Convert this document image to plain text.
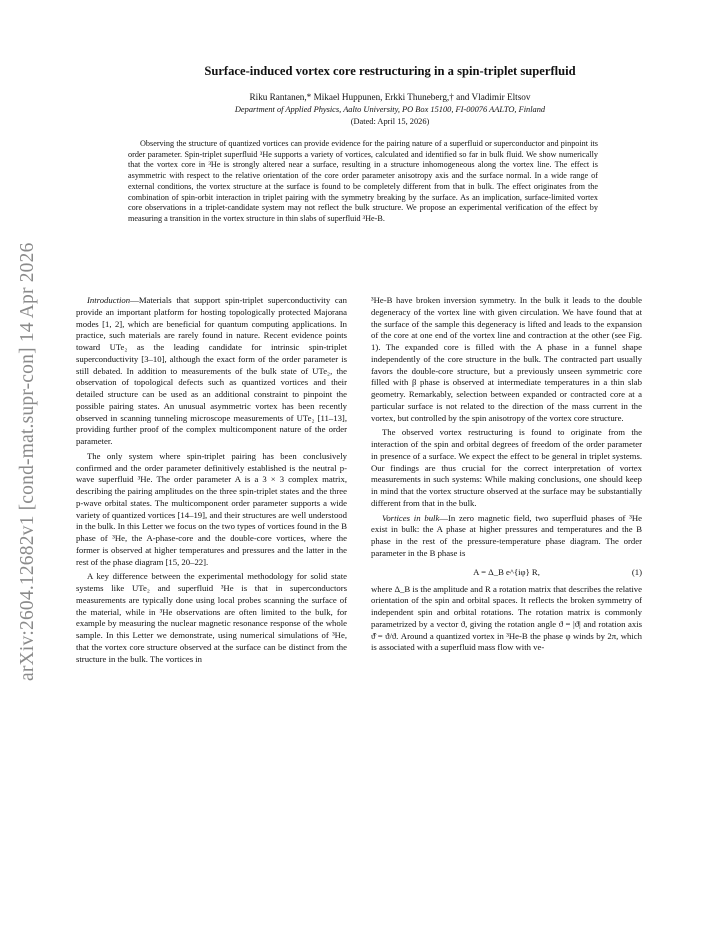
arXiv:2604.12682v1 [cond-mat.supr-con] 14 Apr 2026
Surface-induced vortex core restructuring in a spin-triplet superfluid
Riku Rantanen,* Mikael Huppunen, Erkki Thuneberg,† and Vladimir Eltsov
Department of Applied Physics, Aalto University, PO Box 15100, FI-00076 AALTO, Finland
(Dated: April 15, 2026)
Observing the structure of quantized vortices can provide evidence for the pairing nature of a superfluid or superconductor and pinpoint its order parameter. Spin-triplet superfluid ³He supports a variety of vortices, calculated and identified so far in bulk fluid. We show numerically that the vortex core in ³He is strongly altered near a surface, resulting in a structure inhomogeneous along the vortex line. The effect is asymmetric with respect to the relative orientation of the core order parameter anisotropy axis and the surface normal. In a wide range of external conditions, the vortex structure at the surface is found to be completely different from that in bulk. The effect originates from the combination of spin-orbit interaction in triplet pairing with the symmetry breaking by the surface. As an implication, surface-limited vortex core observations in a triplet-candidate system may not reflect the bulk structure. We propose an experimental verification of the effect by measuring a transition in the vortex structure in thin slabs of superfluid ³He-B.

Introduction—Materials that support spin-triplet superconductivity can provide an important platform for hosting topologically protected Majorana modes [1, 2], which are beneficial for quantum computing applications. In practice, such materials are rarely found in nature. Recent evidence points toward UTe₂ as the leading candidate for intrinsic spin-triplet superconductivity [3–10], although the exact form of the order parameter is still debated. In addition to measurements of the bulk state of UTe₂, the observation of topological defects such as quantized vortices and their detailed structure can be used as an additional constraint to pinpoint the possible pairing states. An unusual asymmetric vortex has been recently observed in scanning tunneling microscope measurements of UTe₂ [11–13], providing further proof of the complex multicomponent nature of the order parameter.

The only system where spin-triplet pairing has been conclusively confirmed and the order parameter definitively established is the neutral p-wave superfluid ³He. The order parameter A is a 3 × 3 complex matrix, describing the pairing amplitudes on the three spin-triplet states and the three p-wave orbital states. The multicomponent order parameter supports a wide variety of quantized vortices [14–19], and their structures are well understood in the bulk. In this Letter we focus on the two types of vortices found in the B phase of ³He, the A-phase-core and the double-core vortices, where the former is observed at higher temperatures and pressures and the latter in the rest of the phase diagram [15, 20–22].

A key difference between the experimental methodology for solid state systems like UTe₂ and superfluid ³He is that in superconductors measurements are typically done using local probes scanning the surface of the material, while in ³He observations are often limited to the bulk, for example by measuring the nuclear magnetic resonance response of the whole sample. In this Letter we demonstrate, using numerical simulations of ³He, that the vortex core structure observed at the surface can be distinct from the structure in the bulk. The vortices in

³He-B have broken inversion symmetry. In the bulk it leads to the double degeneracy of the vortex line with given circulation. We have found that at the surface of the sample this degeneracy is lifted and leads to the expansion of the core at one end of the vortex line and contraction at the other (see Fig. 1). The expanded core is filled with the A phase in a funnel shape independently of the core structure in the bulk. The contracted part usually favors the double-core structure, but a previously unseen symmetric core filled with β phase is observed at intermediate temperatures in a thin slab geometry. Remarkably, selection between expanded or contracted core at a particular surface is not related to the direction of the mass current in the vortex, but controlled by the spin anisotropy of the vortex core structure.

The observed vortex restructuring is found to originate from the interaction of the spin and orbital degrees of freedom of the order parameter in presence of a surface. We expect the effect to be general in triplet systems. Our findings are thus crucial for the correct interpretation of vortex measurements in such systems: While making conclusions, one should keep in mind that the vortex structure observed at the surface may be substantially different from that in the bulk.

Vortices in bulk—In zero magnetic field, two superfluid phases of ³He exist in bulk: the A phase at higher pressures and temperatures and the B phase in the rest of the pressure-temperature phase diagram. The order parameter in the B phase is

A = Δ_B e^{iφ} R,	(1)

where Δ_B is the amplitude and R a rotation matrix that describes the relative orientation of the spin and orbital spaces. It reflects the broken symmetry of independent spin and orbital rotations. The rotation matrix is commonly parametrized by a vector ϑ, giving the rotation angle ϑ = |ϑ| and rotation axis ϑ̂ = ϑ/ϑ. Around a quantized vortex in ³He-B the phase φ winds by 2π, which is associated with a superfluid mass flow with ve-
